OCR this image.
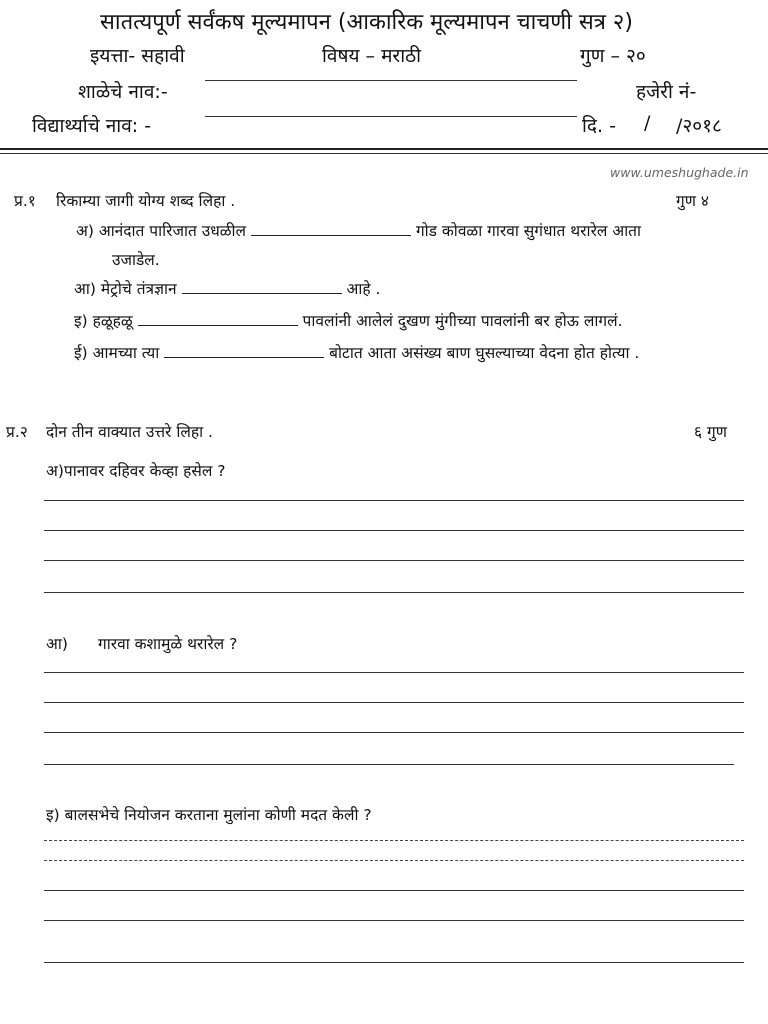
सातत्यपूर्ण सर्वंकष मूल्यमापन (आकारिक मूल्यमापन चाचणी सत्र २)
इयत्ता- सहावी	विषय – मराठी	गुण – २०
शाळेचे नाव:-	हजेरी नं-
विद्यार्थ्याचे नाव: -	दि. - / /२०१८
www.umeshughade.in
प्र.१ रिकाम्या जागी योग्य शब्द लिहा .	गुण ४
अ) आनंदात पारिजात उधळील	गोड कोवळा गारवा सुगंधात थरारेल आता
उजाडेल.
आ) मेट्रोचे तंत्रज्ञान	आहे .
इ) हळूहळू	पावलांनी आलेलं दुखण मुंगीच्या पावलांनी बर होऊ लागलं.
ई) आमच्या त्या	बोटात आता असंख्य बाण घुसल्याच्या वेदना होत होत्या .
प्र.२ दोन तीन वाक्यात उत्तरे लिहा .	६ गुण
अ)पानावर दहिवर केव्हा हसेल ?
आ) गारवा कशामुळे थरारेल ?
इ) बालसभेचे नियोजन करताना मुलांना कोणी मदत केली ?
